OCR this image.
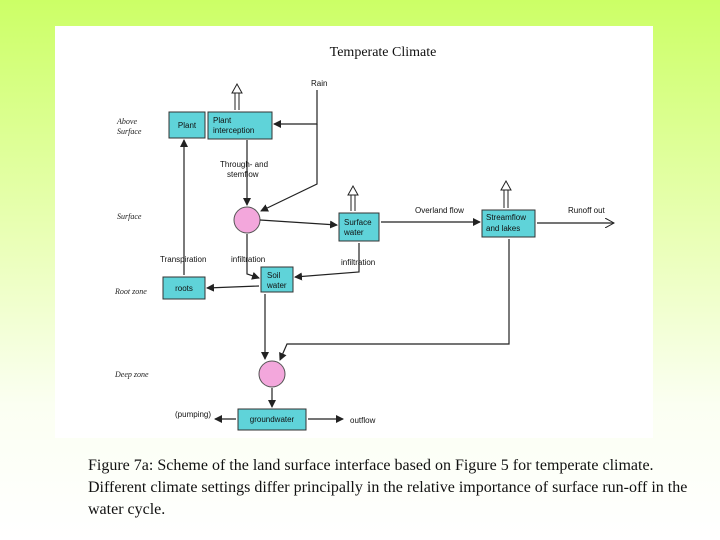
Temperate Climate
Above
Surface
Surface
Root zone
Deep zone
Plant
Plant
interception
Surface
water
Streamflow
and lakes
roots
Soil
water
groundwater
Rain
Through- and
stemflow
Overland flow	Runoff out
Transpiration	infiltration	infiltration
(pumping)
outflow
Figure 7a: Scheme of the land surface interface based on Figure 5 for temperate climate. Different climate settings differ principally in the relative importance of surface run-off in the water cycle.
